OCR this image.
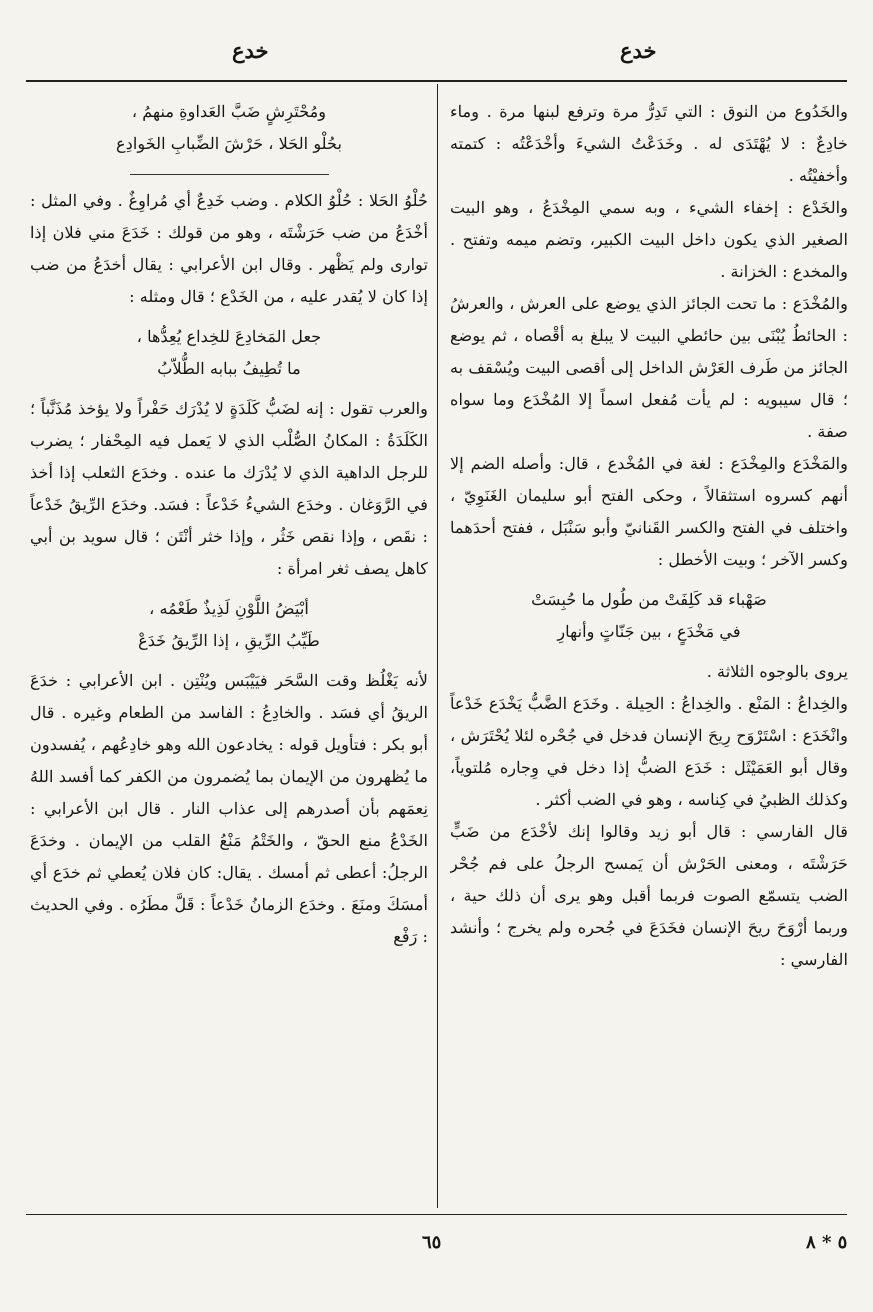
خدع
خدع

والخَدُوع من النوق : التي تَدِرُّ مرة وترفع لبنها مرة . وماء خادِعٌ : لا يُهْتَدَى له . وخَدَعْتُ الشيءَ وأخْدَعْتُه : كتمته وأخفيْتُه .

والخَدْع : إخفاء الشيء ، وبه سمي المِخْدَعُ ، وهو البيت الصغير الذي يكون داخل البيت الكبير، وتضم ميمه وتفتح . والمخدع : الخزانة .

والمُخْدَع : ما تحت الجائز الذي يوضع على العرش ، والعرشُ : الحائطُ يُبْنَى بين حائطي البيت لا يبلغ به أقْصاه ، ثم يوضع الجائز من طَرف العَرْش الداخل إلى أقصى البيت ويُسْقف به ؛ قال سيبويه : لم يأت مُفعل اسماً إلا المُخْدَع وما سواه صفة .

والمَخْدَع والمِخْدَع : لغة في المُخْدع ، قال: وأصله الضم إلا أنهم كسروه استثقالاً ، وحكى الفتح أبو سليمان الغَنَوِيّ ، واختلف في الفتح والكسر القَنانيّ وأبو سَنْبَل ، ففتح أحدَهما وكسر الآخر ؛ وبيت الأخطل :

صَهْباء قد كَلِفَتْ من طُول ما حُبِسَتْ

في مَخْدَعٍ ، بين جَنّاتٍ وأنهارِ

يروى بالوجوه الثلاثة .

والخِداعُ : المَنْع . والخِداعُ : الحِيلة . وخَدَع الضَّبُّ يَخْدَع خَدْعاً وانْخَدَع : اسْتَرْوَح رِيحَ الإنسان فدخل في جُحْره لئلا يُحْتَرَش ، وقال أبو العَمَيْثَل : خَدَع الضبُّ إذا دخل في وِجاره مُلتوياً، وكذلك الظبيُ في كِناسه ، وهو في الضب أكثر .

قال الفارسي : قال أبو زيد وقالوا إنك لأخْدَع من ضَبٍّ حَرَشْتَه ، ومعنى الحَرْش أن يَمسح الرجلُ على فم جُحْر الضب يتسمّع الصوت فربما أقبل وهو يرى أن ذلك حية ، وربما أرْوَحَ ريحَ الإنسان فخَدَعَ في جُحره ولم يخرج ؛ وأنشد الفارسي :

ومُحْتَرِشٍ ضَبَّ العَداوةِ منهمُ ،

بحُلْو الحَلا ، حَرْشَ الضِّبابِ الخَوادِع

حُلْوُ الحَلا : حُلْوُ الكلام . وضب خَدِعٌ أي مُراوِغٌ . وفي المثل : أخْدَعُ من ضب حَرَشْتَه ، وهو من قولك : خَدَعَ مني فلان إذا توارى ولم يَظْهر . وقال ابن الأعرابي : يقال أخدَعُ من ضب إذا كان لا يُقدر عليه ، من الخَدْع ؛ قال ومثله :

جعل المَخادِعَ للخِداع يُعِدُّها ،

ما تُطِيفُ ببابه الطُّلاّبُ

والعرب تقول : إنه لضَبُّ كَلَدَةٍ لا يُدْرَك حَفْراً ولا يؤخذ مُذَنَّباً ؛ الكَلَدَةُ : المكانُ الصُّلْب الذي لا يَعمل فيه المِحْفار ؛ يضرب للرجل الداهية الذي لا يُدْرَك ما عنده . وخدَع الثعلب إذا أخذ في الرَّوَغان . وخدَع الشيءُ خَدْعاً : فسَد. وخدَع الرِّيقُ خَدْعاً : نقَص ، وإذا نقص خَثُر ، وإذا خثر أنْتَن ؛ قال سويد بن أبي كاهل يصف ثغر امرأة :

أبْيَضُ اللَّوْنِ لَذِيذٌ طَعْمُه ،

طَيِّبُ الرِّيقِ ، إذا الرِّيقُ خَدَعْ

لأنه يَغْلُظ وقت السَّحَر فيَيْبَس ويُنْتِن . ابن الأعرابي : خدَعَ الريقُ أي فسَد . والخادِعُ : الفاسد من الطعام وغيره . قال أبو بكر : فتأويل قوله : يخادعون الله وهو خادِعُهم ، يُفسدون ما يُظهرون من الإيمان بما يُضمرون من الكفر كما أفسد اللهُ نِعمَهم بأن أصدرهم إلى عذاب النار . قال ابن الأعرابي : الخَدْعُ منع الحقّ ، والخَتْمُ مَنْعُ القلب من الإيمان . وخدَعَ الرجلُ: أعطى ثم أمسك . يقال: كان فلان يُعطي ثم خدَع أي أمسَكَ ومنَعَ . وخدَع الزمانُ خَدْعاً : قَلَّ مطَرُه . وفي الحديث : رَفْع

٦٥	٥ * ٨
